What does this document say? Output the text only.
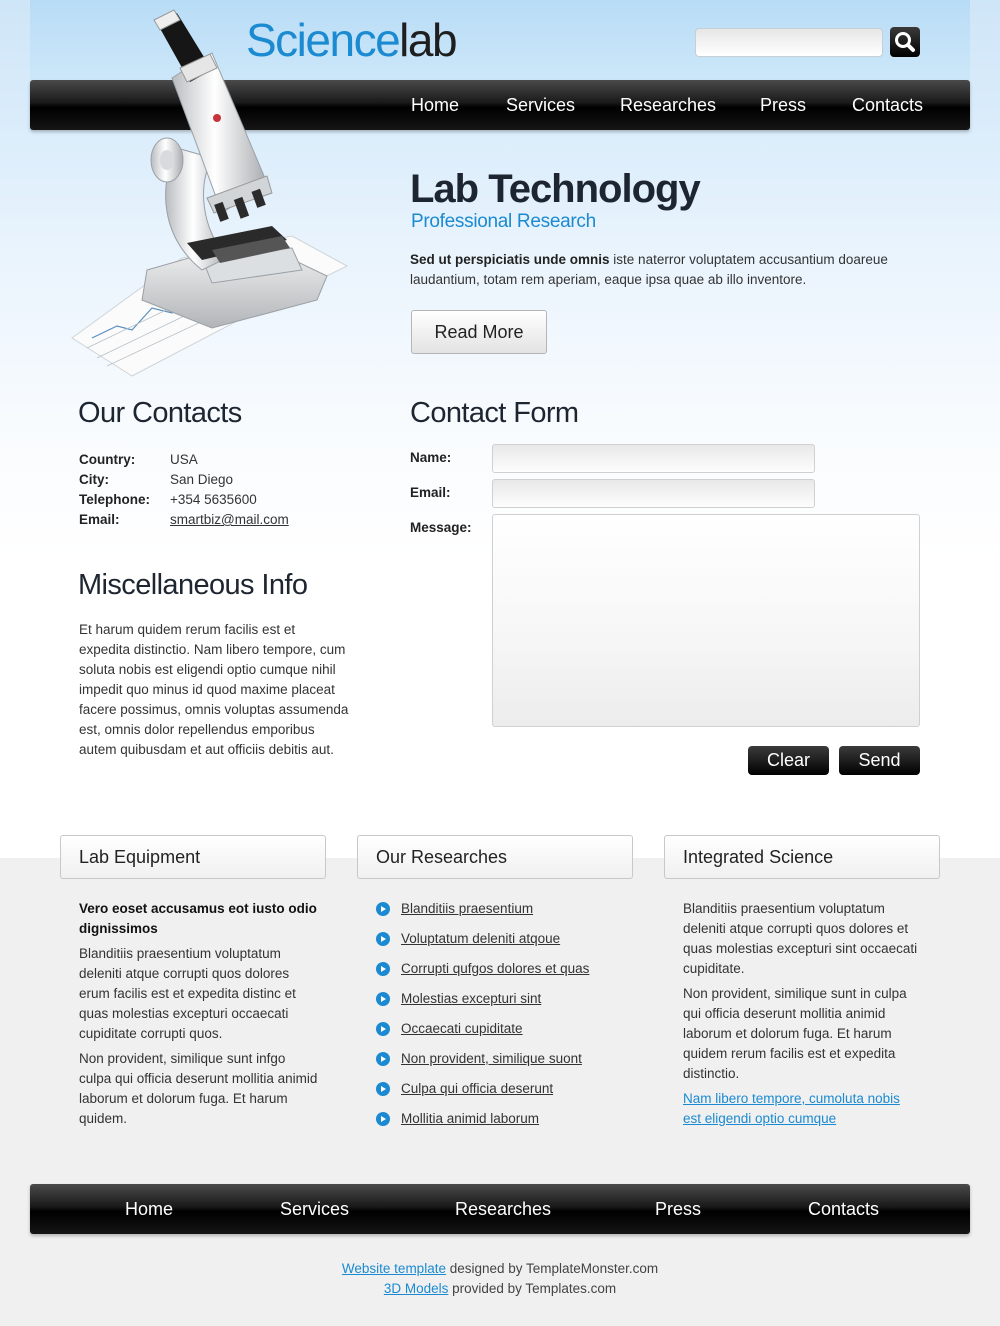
Sciencelab
Home	Services Researches Press	Contacts
Lab Technology
Professional Research

Sed ut perspiciatis unde omnis iste naterror voluptatem accusantium doareue laudantium, totam rem aperiam, eaque ipsa quae ab illo inventore.

Read More
Our Contacts
Country:	USA
City:	San Diego
Telephone: +354 5635600
Email:	smartbiz@mail.com
Miscellaneous Info

Et harum quidem rerum facilis est et expedita distinctio. Nam libero tempore, cum soluta nobis est eligendi optio cumque nihil impedit quo minus id quod maxime placeat facere possimus, omnis voluptas assumenda est, omnis dolor repellendus emporibus autem quibusdam et aut officiis debitis aut.

Contact Form
Name:
Email:
Message:
Clear	Send
Lab Equipment

Vero eoset accusamus eot iusto odio dignissimos

Blanditiis praesentium voluptatum deleniti atque corrupti quos dolores erum facilis est et expedita distinc et quas molestias excepturi occaecati cupiditate corrupti quos.

Non provident, similique sunt infgo culpa qui officia deserunt mollitia animid laborum et dolorum fuga. Et harum quidem.

Our Researches
Blanditiis praesentium
Voluptatum deleniti atqoue
Corrupti qufgos dolores et quas
Molestias excepturi sint
Occaecati cupiditate
Non provident, similique suont
Culpa qui officia deserunt
Mollitia animid laborum
Integrated Science

Blanditiis praesentium voluptatum deleniti atque corrupti quos dolores et quas molestias excepturi sint occaecati cupiditate.

Non provident, similique sunt in culpa qui officia deserunt mollitia animid laborum et dolorum fuga. Et harum quidem rerum facilis est et expedita distinctio.

Nam libero tempore, cumoluta nobis est eligendi optio cumque

Home	Services	Researches	Press	Contacts
Website template designed by TemplateMonster.com
3D Models provided by Templates.com
